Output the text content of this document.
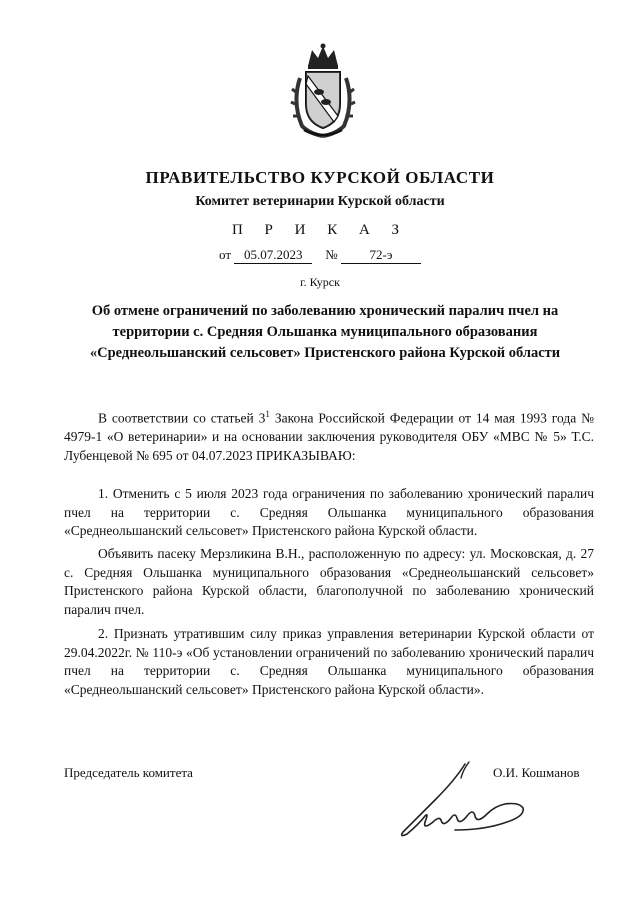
ПРАВИТЕЛЬСТВО КУРСКОЙ ОБЛАСТИ
Комитет ветеринарии Курской области
П Р И К А З
от 05.07.2023 № 72-э
г. Курск
Об отмене ограничений по заболеванию хронический паралич пчел на
территории с. Средняя Ольшанка муниципального образования
«Среднеольшанский сельсовет» Пристенского района Курской области
В соответствии со статьей $3^1$ Закона Российской Федерации от 14 мая 1993 года № 4979-1 «О ветеринарии» и на основании заключения руководителя ОБУ «МВС № 5» Т.С. Лубенцевой № 695 от 04.07.2023 ПРИКАЗЫВАЮ:
1. Отменить с 5 июля 2023 года ограничения по заболеванию хронический паралич пчел на территории с. Средняя Ольшанка муниципального образования «Среднеольшанский сельсовет» Пристенского района Курской области.
Объявить пасеку Мерзликина В.Н., расположенную по адресу: ул. Московская, д. 27 с. Средняя Ольшанка муниципального образования «Среднеольшанский сельсовет» Пристенского района Курской области, благополучной по заболеванию хронический паралич пчел.
2. Признать утратившим силу приказ управления ветеринарии Курской области от 29.04.2022г. № 110-э «Об установлении ограничений по заболеванию хронический паралич пчел на территории с. Средняя Ольшанка муниципального образования «Среднеольшанский сельсовет» Пристенского района Курской области».
Председатель комитета	О.И. Кошманов
